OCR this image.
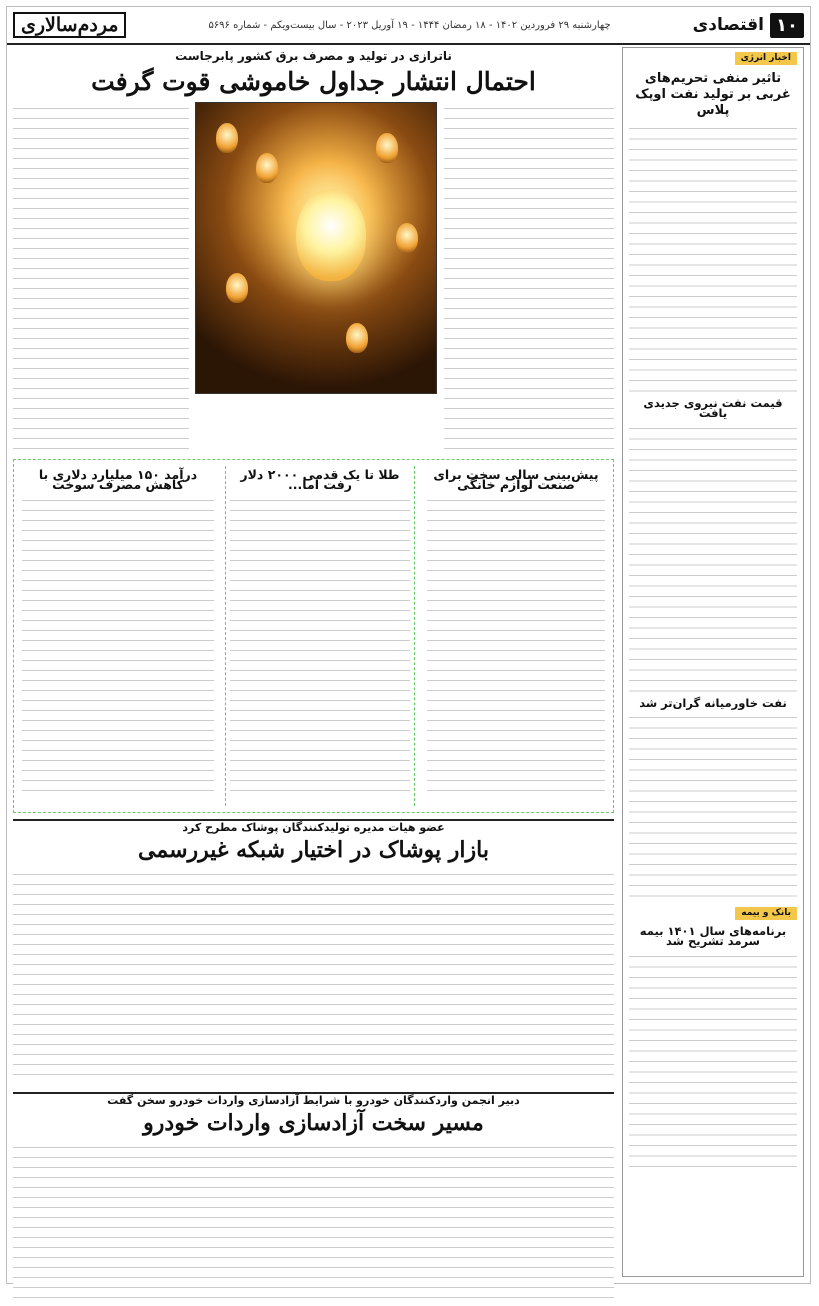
۱۰
اقتصادی
چهارشنبه ۲۹ فروردین ۱۴۰۲ - ۱۸ رمضان ۱۴۴۴ - ۱۹ آوریل ۲۰۲۳ - سال بیست‌ویکم - شماره ۵۶۹۶
مردم‌سالاری
اخبار انرژی
تاثیر منفی تحریم‌های غربی بر تولید نفت اوپک پلاس
قیمت نفت نیروی جدیدی یافت
نفت خاورمیانه گران‌تر شد
بانک و بیمه
برنامه‌های سال ۱۴۰۱ بیمه سرمد تشریح شد
ناترازی در تولید و مصرف برق کشور پابرجاست
احتمال انتشار جداول خاموشی قوت گرفت
پیش‌بینی سالی سخت برای صنعت لوازم خانگی
طلا تا یک قدمی ۲۰۰۰ دلار رفت اما...
درآمد ۱۵۰ میلیارد دلاری با کاهش مصرف سوخت
عضو هیات مدیره تولیدکنندگان پوشاک مطرح کرد
بازار پوشاک در اختیار شبکه غیررسمی
دبیر انجمن واردکنندگان خودرو با شرایط آزادسازی واردات خودرو سخن گفت
مسیر سخت آزادسازی واردات خودرو
